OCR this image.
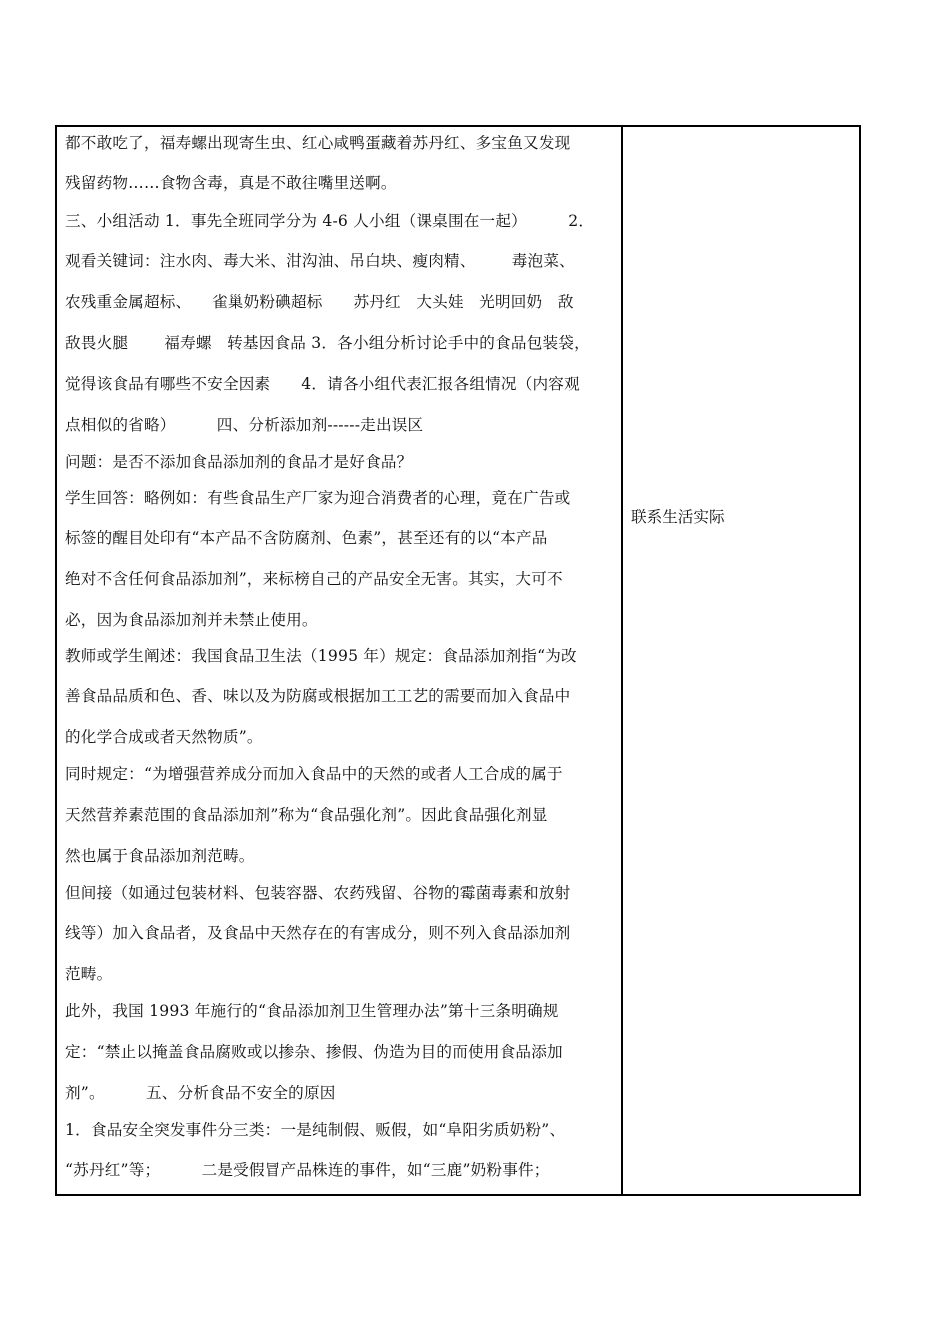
都不敢吃了，福寿螺出现寄生虫、红心咸鸭蛋藏着苏丹红、多宝鱼又发现
残留药物……食物含毒，真是不敢往嘴里送啊。
三、小组活动 1．事先全班同学分为 4-6 人小组（课桌围在一起）        2．
观看关键词：注水肉、毒大米、泔沟油、吊白块、瘦肉精、       毒泡菜、
农残重金属超标、    雀巢奶粉碘超标      苏丹红   大头娃   光明回奶   敌
敌畏火腿       福寿螺   转基因食品 3．各小组分析讨论手中的食品包装袋，
觉得该食品有哪些不安全因素      4．请各小组代表汇报各组情况（内容观
点相似的省略）        四、分析添加剂------走出误区
问题：是否不添加食品添加剂的食品才是好食品？
学生回答：略例如：有些食品生产厂家为迎合消费者的心理，竟在广告或
标签的醒目处印有“本产品不含防腐剂、色素”，甚至还有的以“本产品
绝对不含任何食品添加剂”，来标榜自己的产品安全无害。其实，大可不
必，因为食品添加剂并未禁止使用。
教师或学生阐述：我国食品卫生法（1995 年）规定：食品添加剂指“为改
善食品品质和色、香、味以及为防腐或根据加工工艺的需要而加入食品中
的化学合成或者天然物质”。
同时规定：“为增强营养成分而加入食品中的天然的或者人工合成的属于
天然营养素范围的食品添加剂”称为“食品强化剂”。因此食品强化剂显
然也属于食品添加剂范畴。
但间接（如通过包装材料、包装容器、农药残留、谷物的霉菌毒素和放射
线等）加入食品者，及食品中天然存在的有害成分，则不列入食品添加剂
范畴。
此外，我国 1993 年施行的“食品添加剂卫生管理办法”第十三条明确规
定：“禁止以掩盖食品腐败或以掺杂、掺假、伪造为目的而使用食品添加
剂”。        五、分析食品不安全的原因
1．食品安全突发事件分三类：一是纯制假、贩假，如“阜阳劣质奶粉”、
“苏丹红”等；        二是受假冒产品株连的事件，如“三鹿”奶粉事件；
联系生活实际
